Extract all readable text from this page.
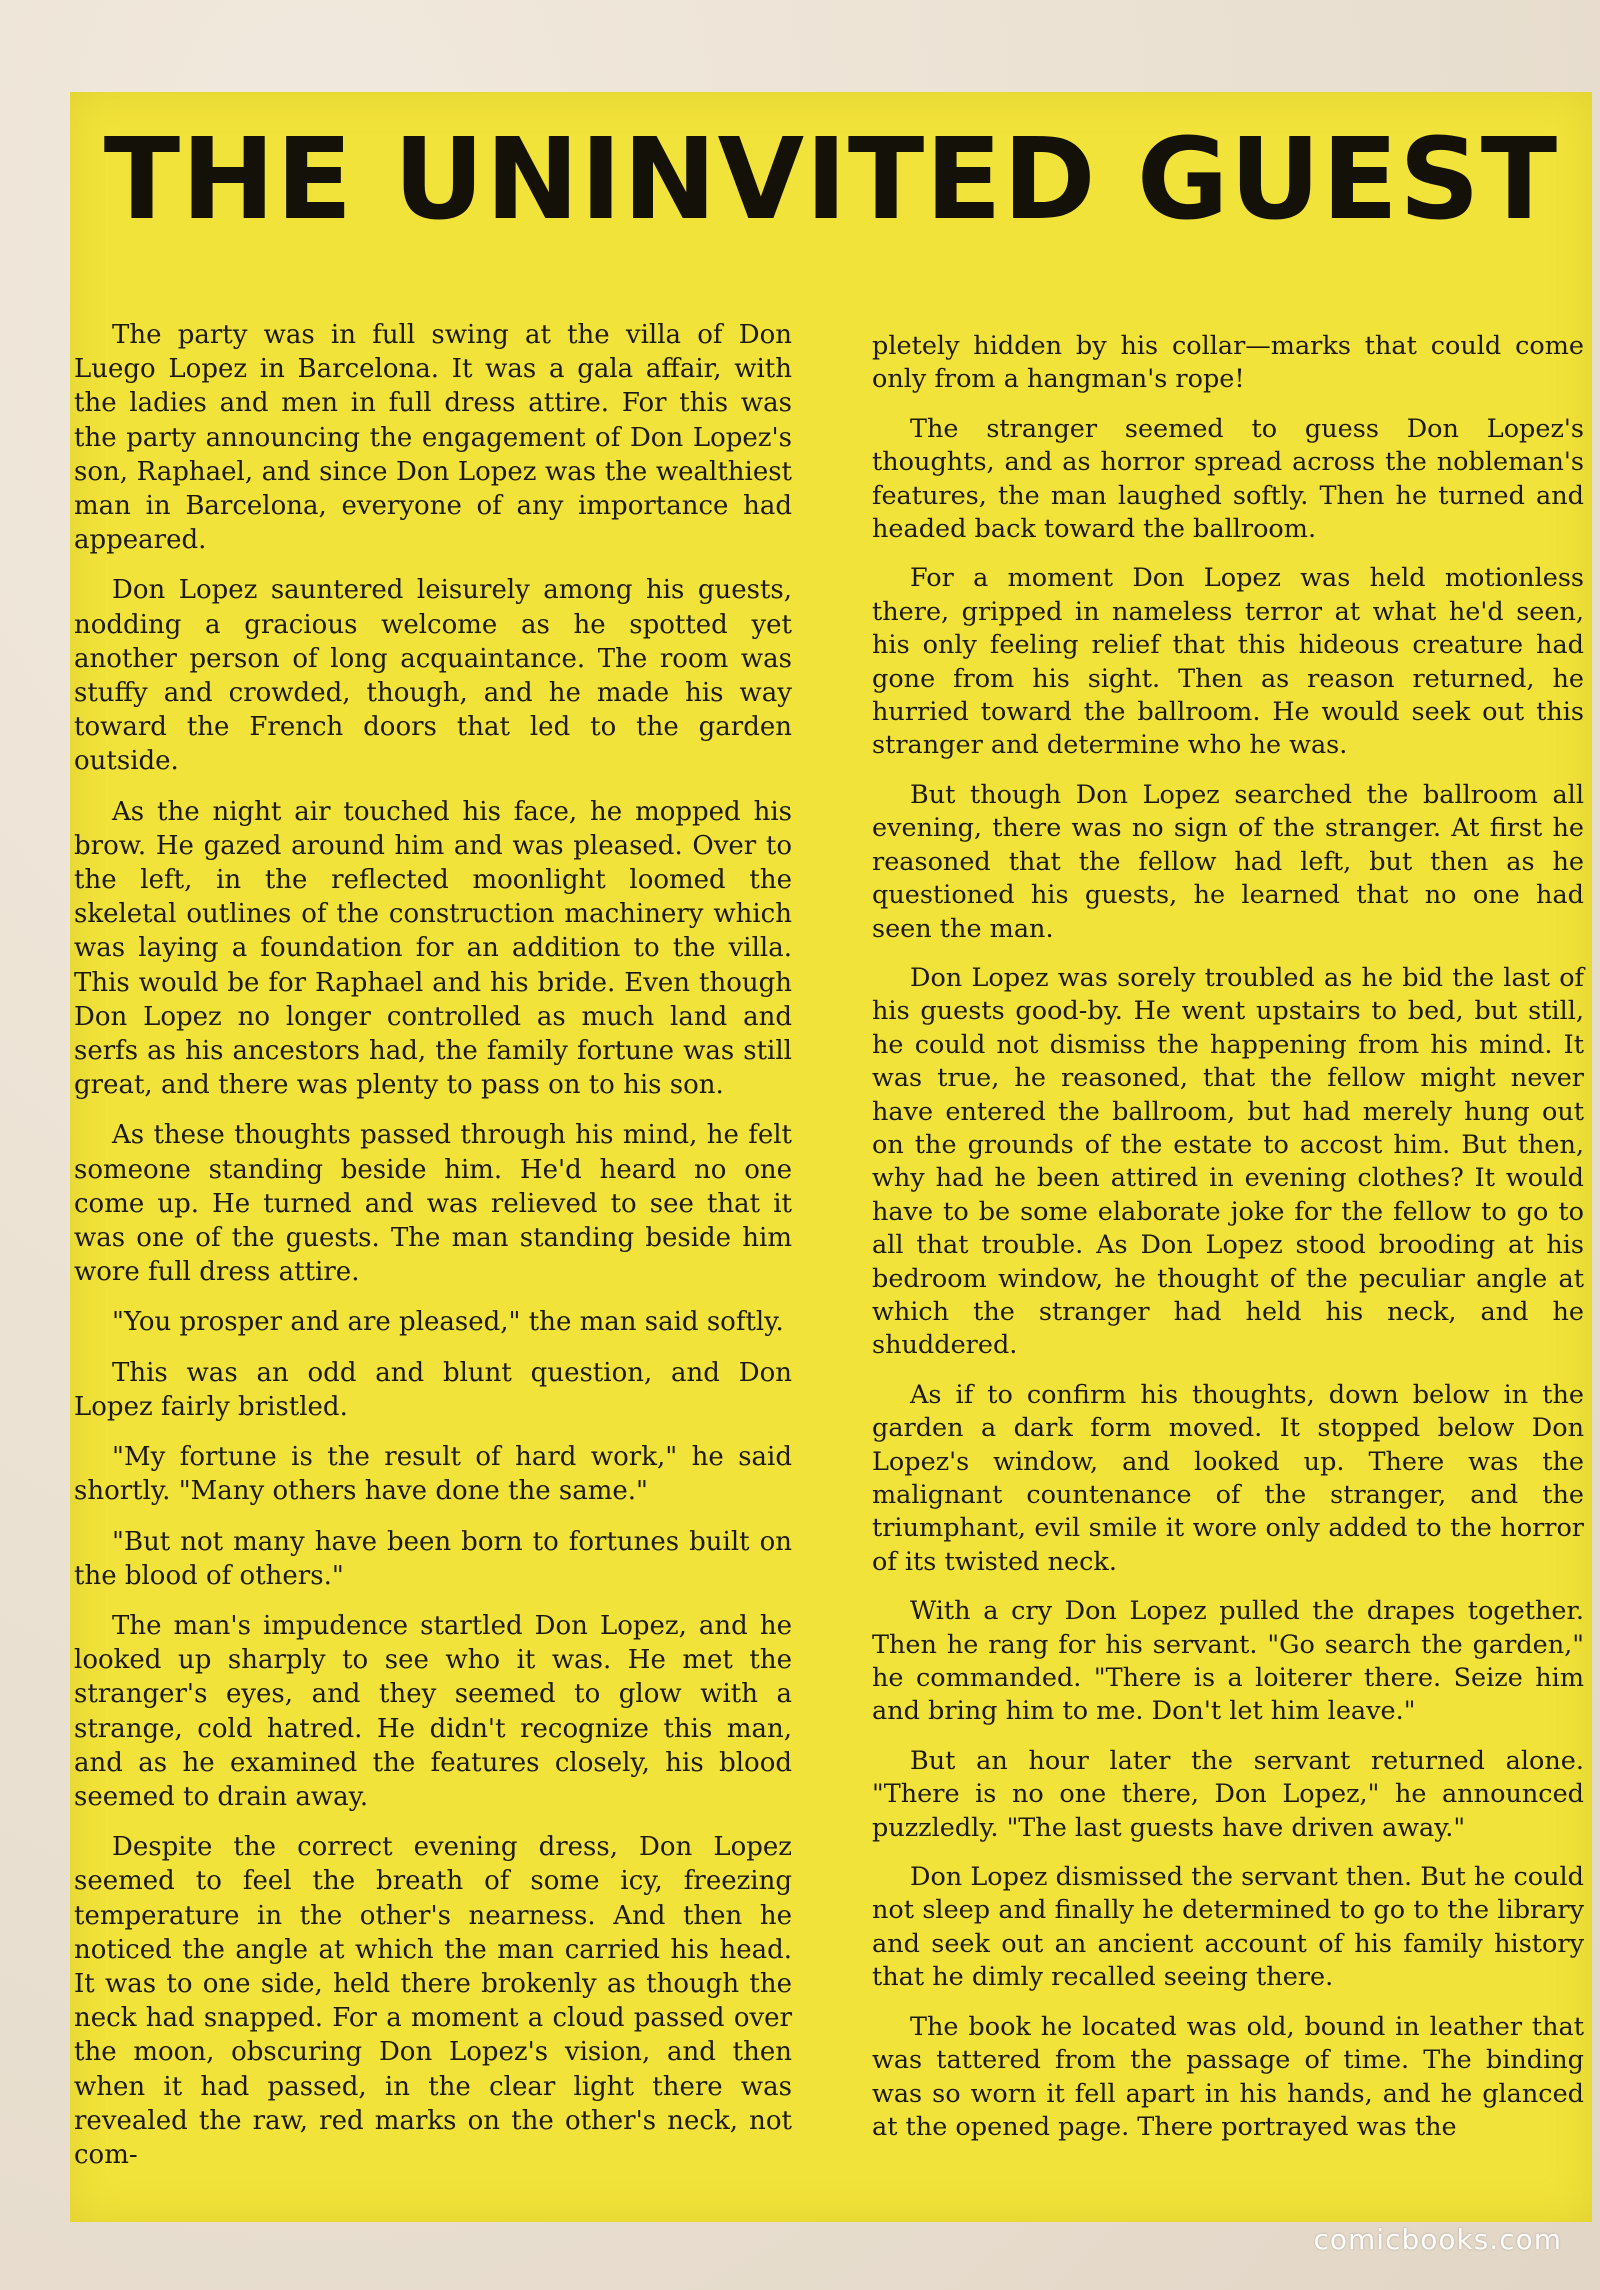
THE UNINVITED GUEST

The party was in full swing at the villa of Don Luego Lopez in Barcelona. It was a gala affair, with the ladies and men in full dress attire. For this was the party announcing the engagement of Don Lopez's son, Raphael, and since Don Lopez was the wealthiest man in Barcelona, everyone of any importance had appeared.

Don Lopez sauntered leisurely among his guests, nodding a gracious welcome as he spotted yet another person of long acquaintance. The room was stuffy and crowded, though, and he made his way toward the French doors that led to the garden outside.

As the night air touched his face, he mopped his brow. He gazed around him and was pleased. Over to the left, in the reflected moonlight loomed the skeletal outlines of the construction machinery which was laying a foundation for an addition to the villa. This would be for Raphael and his bride. Even though Don Lopez no longer controlled as much land and serfs as his ancestors had, the family fortune was still great, and there was plenty to pass on to his son.

As these thoughts passed through his mind, he felt someone standing beside him. He'd heard no one come up. He turned and was relieved to see that it was one of the guests. The man standing beside him wore full dress attire.

"You prosper and are pleased," the man said softly.

This was an odd and blunt question, and Don Lopez fairly bristled.

"My fortune is the result of hard work," he said shortly. "Many others have done the same."

"But not many have been born to fortunes built on the blood of others."

The man's impudence startled Don Lopez, and he looked up sharply to see who it was. He met the stranger's eyes, and they seemed to glow with a strange, cold hatred. He didn't recognize this man, and as he examined the features closely, his blood seemed to drain away.

Despite the correct evening dress, Don Lopez seemed to feel the breath of some icy, freezing temperature in the other's nearness. And then he noticed the angle at which the man carried his head. It was to one side, held there brokenly as though the neck had snapped. For a moment a cloud passed over the moon, obscuring Don Lopez's vision, and then when it had passed, in the clear light there was revealed the raw, red marks on the other's neck, not com-

pletely hidden by his collar—marks that could come only from a hangman's rope!

The stranger seemed to guess Don Lopez's thoughts, and as horror spread across the nobleman's features, the man laughed softly. Then he turned and headed back toward the ballroom.

For a moment Don Lopez was held motionless there, gripped in nameless terror at what he'd seen, his only feeling relief that this hideous creature had gone from his sight. Then as reason returned, he hurried toward the ballroom. He would seek out this stranger and determine who he was.

But though Don Lopez searched the ballroom all evening, there was no sign of the stranger. At first he reasoned that the fellow had left, but then as he questioned his guests, he learned that no one had seen the man.

Don Lopez was sorely troubled as he bid the last of his guests good-by. He went upstairs to bed, but still, he could not dismiss the happening from his mind. It was true, he reasoned, that the fellow might never have entered the ballroom, but had merely hung out on the grounds of the estate to accost him. But then, why had he been attired in evening clothes? It would have to be some elaborate joke for the fellow to go to all that trouble. As Don Lopez stood brooding at his bedroom window, he thought of the peculiar angle at which the stranger had held his neck, and he shuddered.

As if to confirm his thoughts, down below in the garden a dark form moved. It stopped below Don Lopez's window, and looked up. There was the malignant countenance of the stranger, and the triumphant, evil smile it wore only added to the horror of its twisted neck.

With a cry Don Lopez pulled the drapes together. Then he rang for his servant. "Go search the garden," he commanded. "There is a loiterer there. Seize him and bring him to me. Don't let him leave."

But an hour later the servant returned alone. "There is no one there, Don Lopez," he announced puzzledly. "The last guests have driven away."

Don Lopez dismissed the servant then. But he could not sleep and finally he determined to go to the library and seek out an ancient account of his family history that he dimly recalled seeing there.

The book he located was old, bound in leather that was tattered from the passage of time. The binding was so worn it fell apart in his hands, and he glanced at the opened page. There portrayed was the

comicbooks.com
